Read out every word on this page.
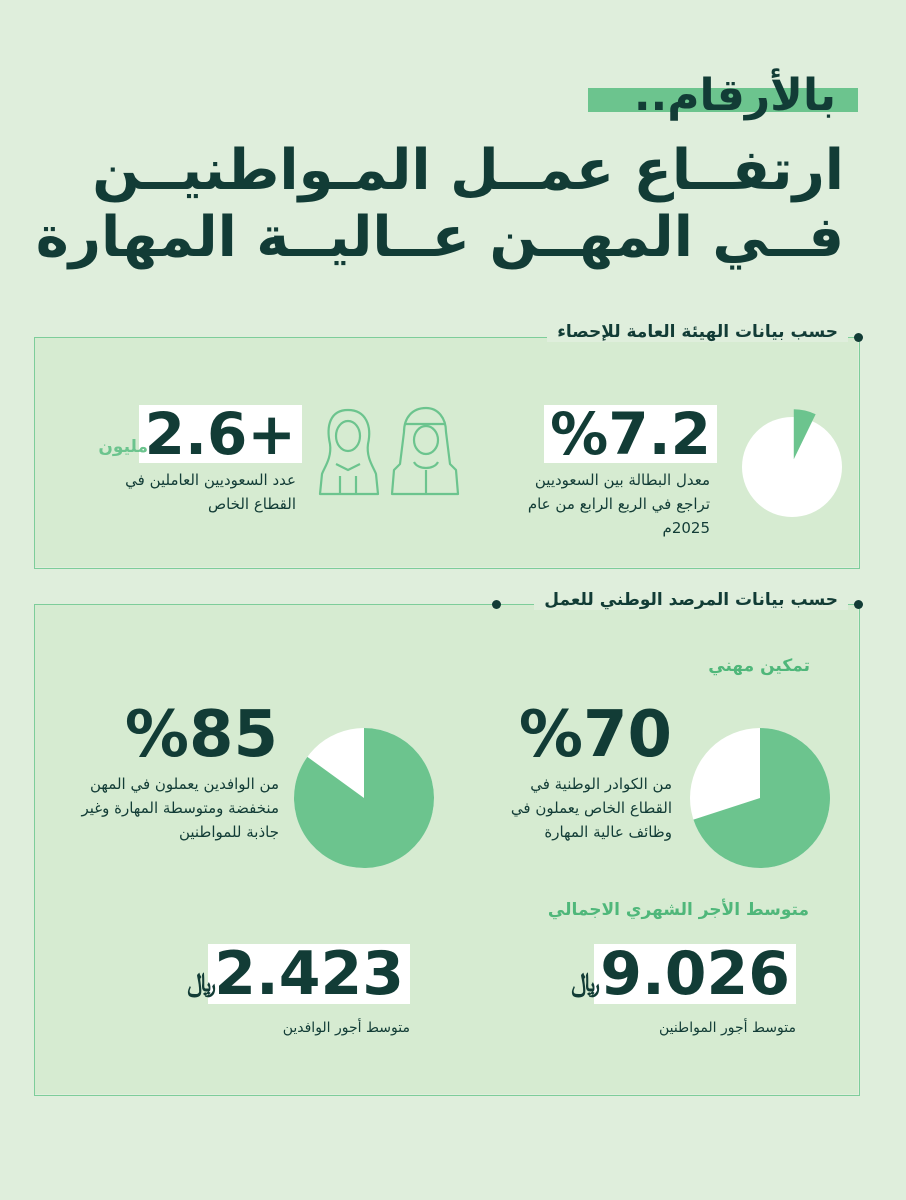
بالأرقام..
ارتفــاع عمــل المـواطنيــن
فــي المهــن عــاليــة المهارة
حسب بيانات الهيئة العامة للإحصاء
%7.2
معدل البطالة بين السعوديين تراجع في الربع الرابع من عام 2025م
+2.6
مليون
عدد السعوديين العاملين في القطاع الخاص
حسب بيانات المرصد الوطني للعمل
تمكين مهني
%70
من الكوادر الوطنية في القطاع الخاص يعملون في وظائف عالية المهارة
%85
من الوافدين يعملون في المهن منخفضة ومتوسطة المهارة وغير جاذبة للمواطنين
متوسط الأجر الشهري الاجمالي
9.026
﷼
متوسط أجور المواطنين
2.423
﷼
متوسط أجور الوافدين
